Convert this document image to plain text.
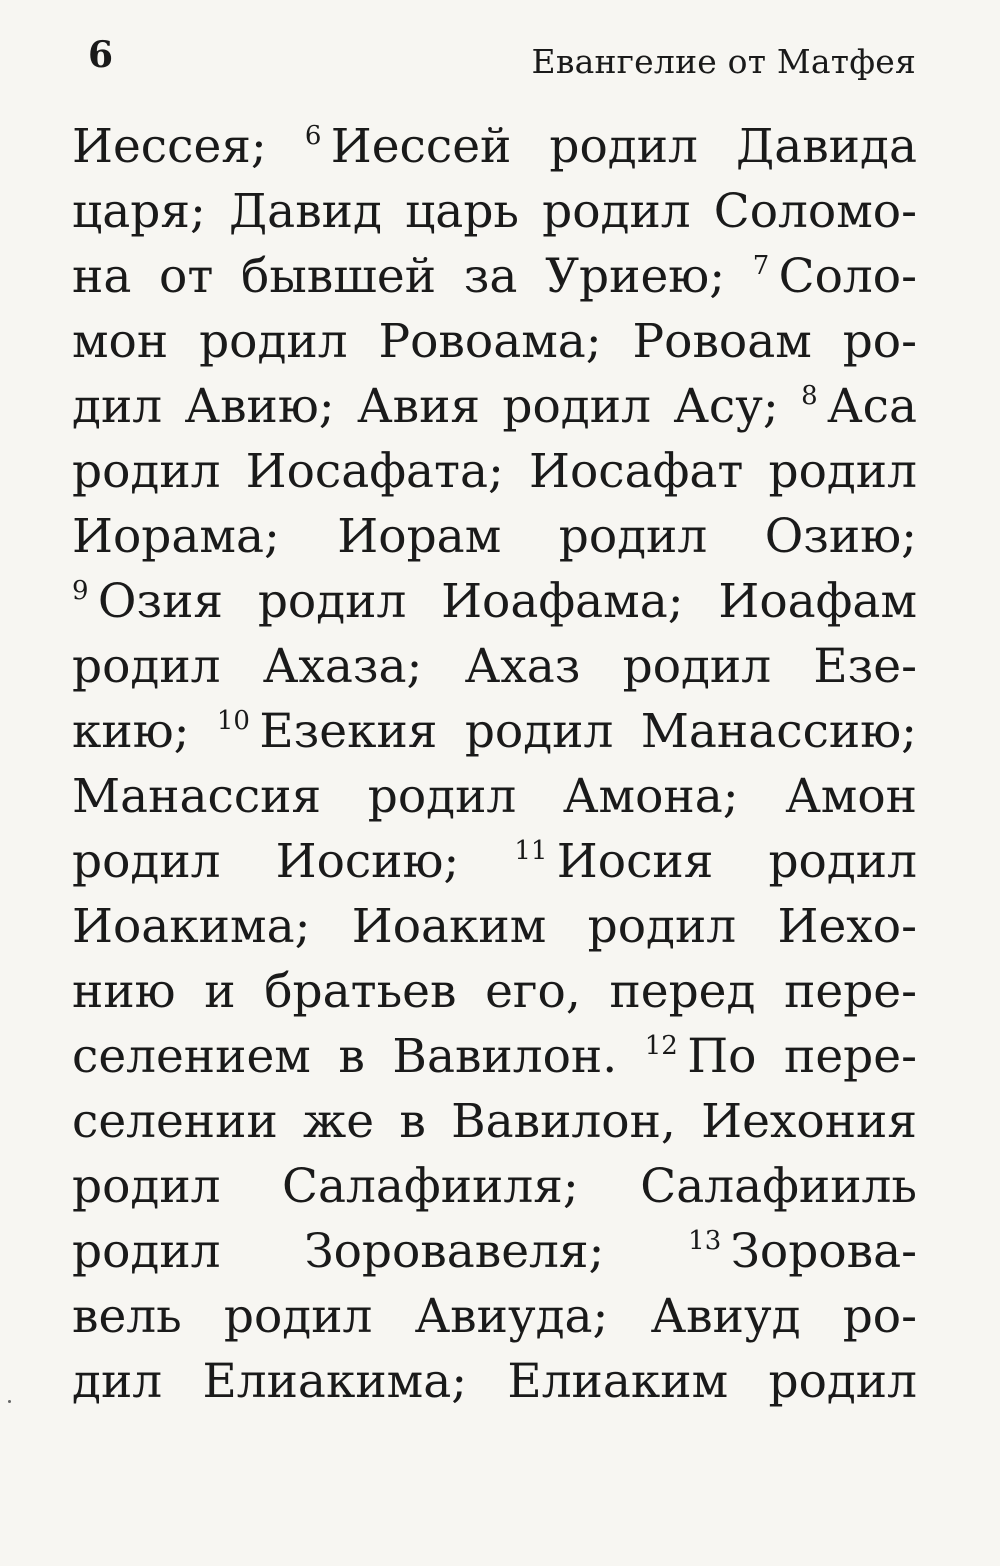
6	Евангелие от Матфея
Иессея; $^6$ Иессей родил Давида
царя; Давид царь родил Соломо-
на от бывшей за Уриею; $^7$ Соло-
мон родил Ровоама; Ровоам ро-
дил Авию; Авия родил Асу; $^8$ Аса
родил Иосафата; Иосафат родил
Иорама; Иорам родил Озию;
$^9$ Озия родил Иоафама; Иоафам
родил Ахаза; Ахаз родил Езе-
кию; $^{10}$ Езекия родил Манассию;
Манассия родил Амона; Амон
родил Иосию; $^{11}$ Иосия родил
Иоакима; Иоаким родил Иехо-
нию и братьев его, перед пере-
селением в Вавилон. $^{12}$ По пере-
селении же в Вавилон, Иехония
родил Салафииля; Салафииль
родил Зоровавеля;	$^{13}$ Зорова-
вель родил Авиуда; Авиуд ро-
дил Елиакима; Елиаким родил
